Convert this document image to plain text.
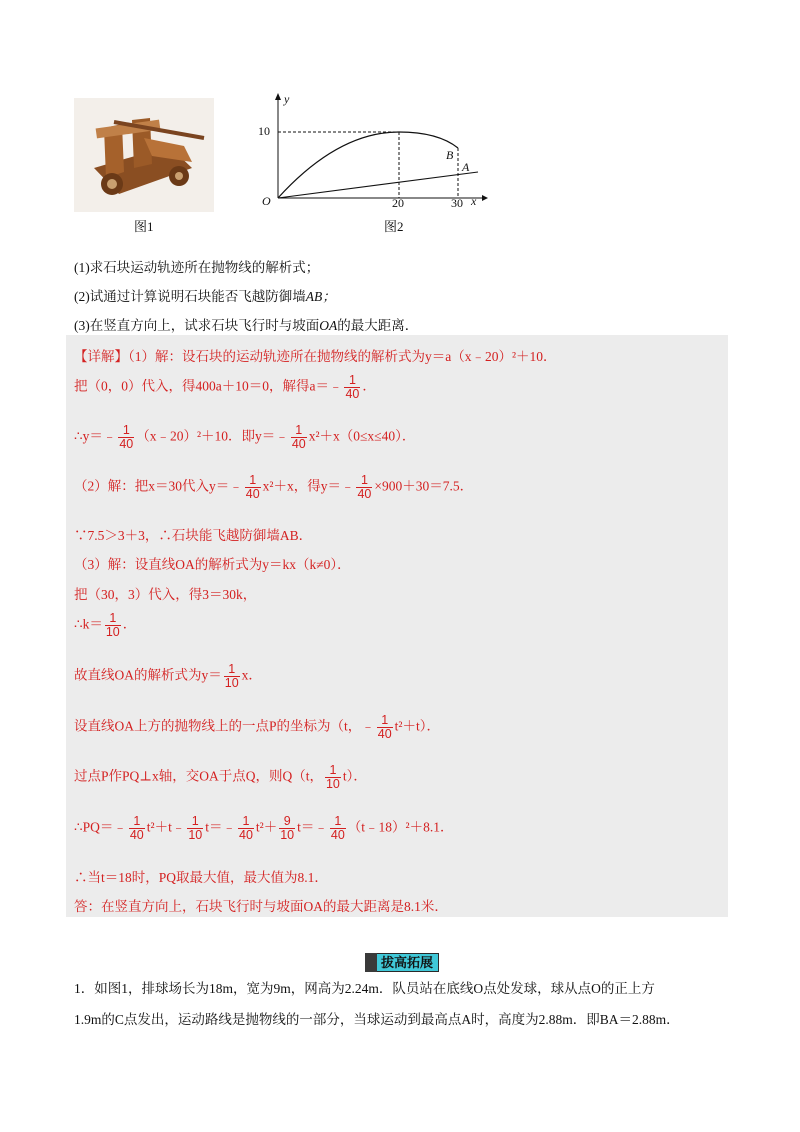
图1
y
10
O	20	30 x
B
A
图2
(1)求石块运动轨迹所在抛物线的解析式；
(2)试通过计算说明石块能否飞越防御墙AB；
(3)在竖直方向上，试求石块飞行时与坡面OA的最大距离．
【详解】（1）解：设石块的运动轨迹所在抛物线的解析式为y＝a（x﹣20）²＋10．
把（0，0）代入，得400a＋10＝0，解得a＝﹣ $\frac{1}{40}$ ．
∴y＝﹣ $\frac{1}{40}$ （x﹣20）²＋10．即y＝﹣ $\frac{1}{40} x^2+x(0\le x\le 40)$．
（2）解：把x＝30代入y＝﹣ $\frac{1}{40} x^2+x$，得y＝﹣ $\frac{1}{40} \times 900+30=7.5$．
∵7.5＞3＋3，∴石块能飞越防御墙AB．
（3）解：设直线OA的解析式为y＝kx（k≠0）．
把（30，3）代入，得3＝30k，
∴k＝ $\frac{1}{10}$ ．
故直线OA的解析式为$y= \frac{1}{10}$ x．
设直线OA上方的抛物线上的一点P的坐标为（t，﹣ $\frac{1}{40} t^2+t$）．
过点P作PQ⊥x轴，交OA于点Q，则Q（t， $\frac{1}{10} t$）．
∴PQ＝﹣ $\frac{1}{40}$ t²＋t﹣ $\frac{1}{10}$ t＝﹣ $\frac{1}{40} t^2+ \frac{9}{10}$ t＝﹣ $\frac{1}{40}$ （t﹣18）²＋8.1．
∴当t＝18时，PQ取最大值，最大值为8.1．
答：在竖直方向上，石块飞行时与坡面OA的最大距离是8.1米．
拔高拓展
1．如图1，排球场长为18m，宽为9m，网高为2.24m．队员站在底线O点处发球，球从点O的正上方
1.9m的C点发出，运动路线是抛物线的一部分，当球运动到最高点A时，高度为2.88m．即BA＝2.88m．
